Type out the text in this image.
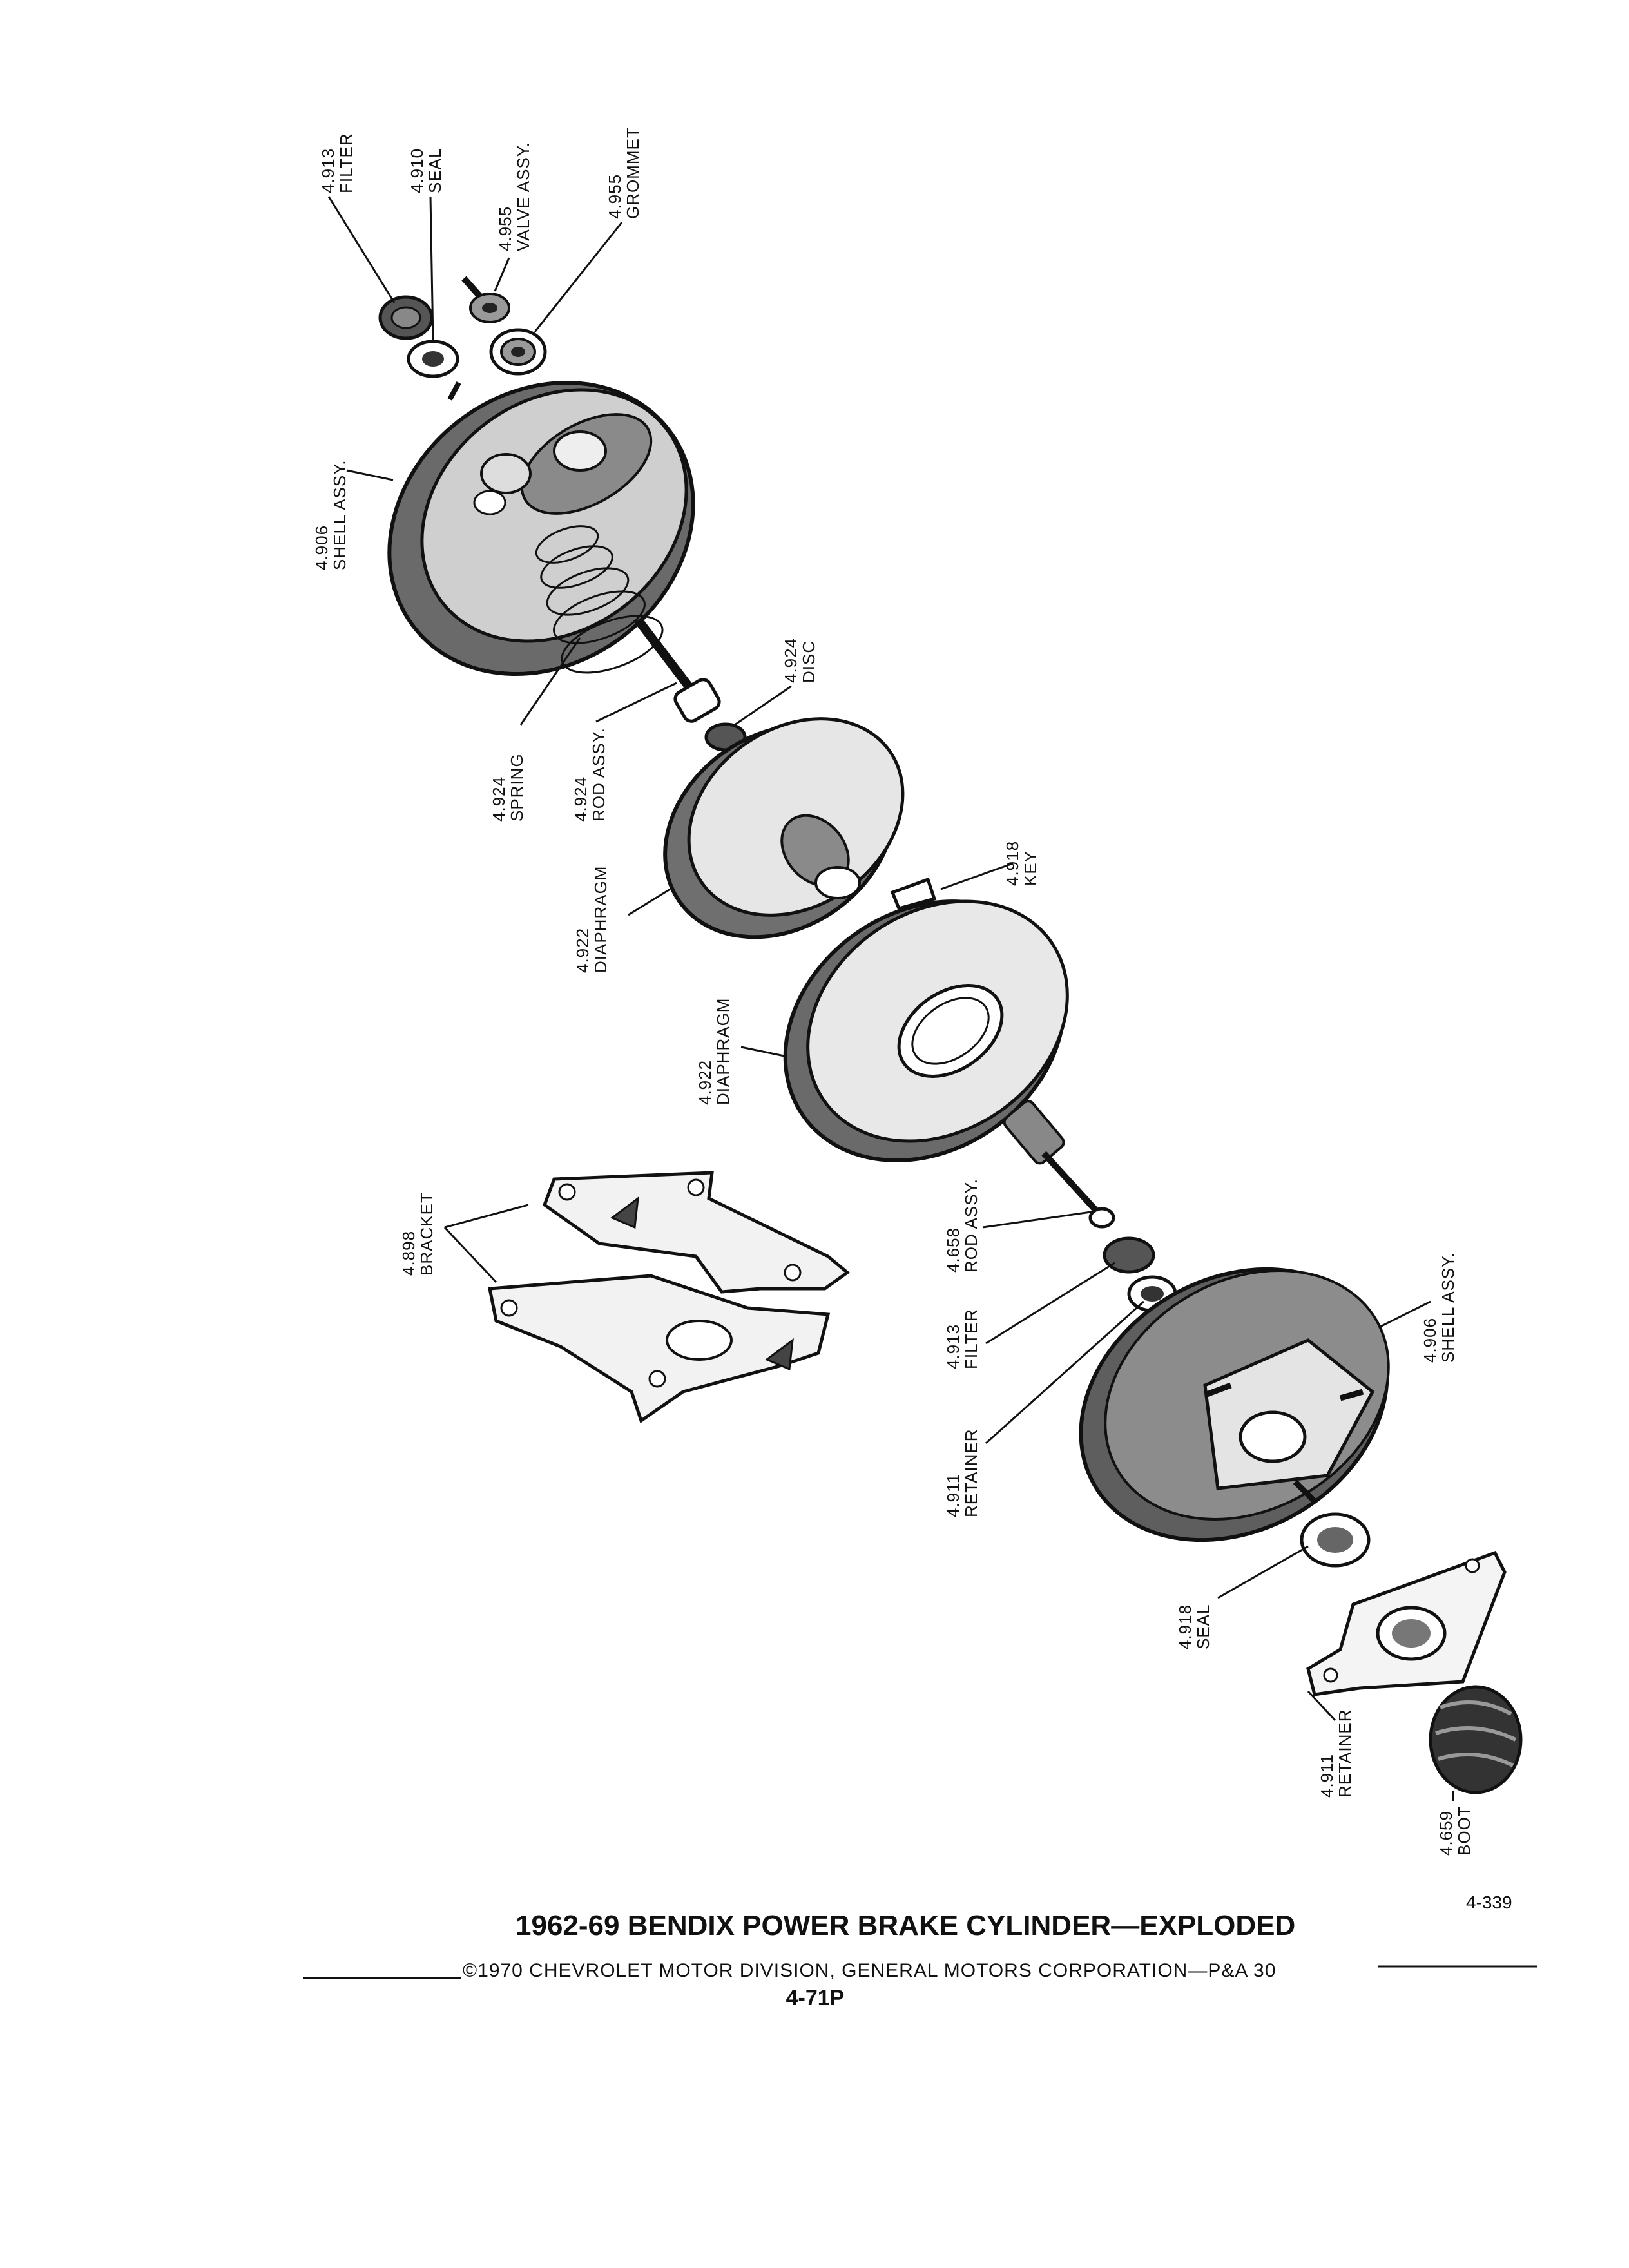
4.913
FILTER	4.910
SEAL
4.955
VALVE ASSY.	4.955
GROMMET
4.906
SHELL ASSY.
4.924
DISC
4.924
SPRING	4.924
ROD ASSY.
4.918
KEY
4.922
DIAPHRAGM
4.922
DIAPHRAGM
4.898
BRACKET	4.658
ROD ASSY.
4.913
FILTER
4.911
RETAINER
4.906
SHELL ASSY.
4.918
SEAL
4.911
RETAINER
4.659
BOOT
4-339
1962-69 BENDIX POWER BRAKE CYLINDER—EXPLODED
©1970 CHEVROLET MOTOR DIVISION, GENERAL MOTORS CORPORATION—P&A 30
4-71P
